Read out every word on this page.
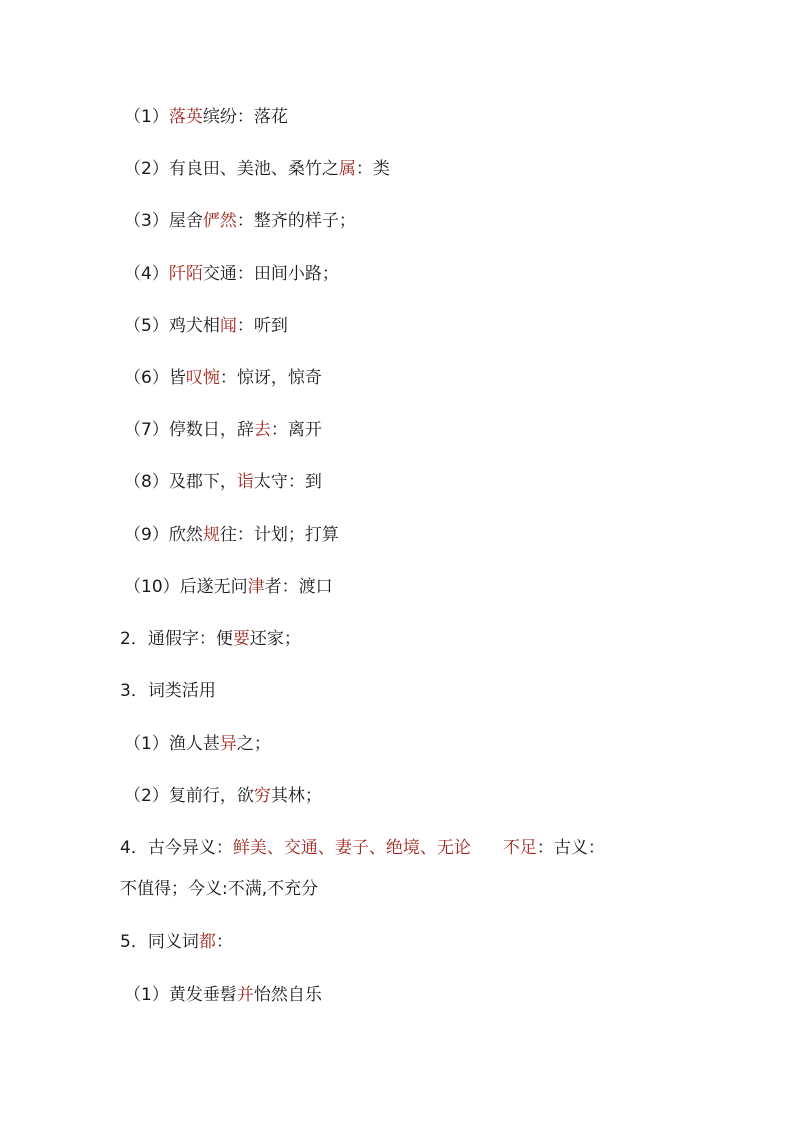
（1）落英缤纷：落花
（2）有良田、美池、桑竹之属：类
（3）屋舍俨然：整齐的样子；
（4）阡陌交通：田间小路；
（5）鸡犬相闻：听到
（6）皆叹惋：惊讶，惊奇
（7）停数日，辞去：离开
（8）及郡下，诣太守：到
（9）欣然规往：计划；打算
（10）后遂无问津者：渡口
2．通假字：便要还家；
3．词类活用
（1）渔人甚异之；
（2）复前行，欲穷其林；
4．古今异义：鲜美、交通、妻子、绝境、无论 不足：古义：
不值得；今义:不满,不充分
5．同义词都：
（1）黄发垂髫并怡然自乐
